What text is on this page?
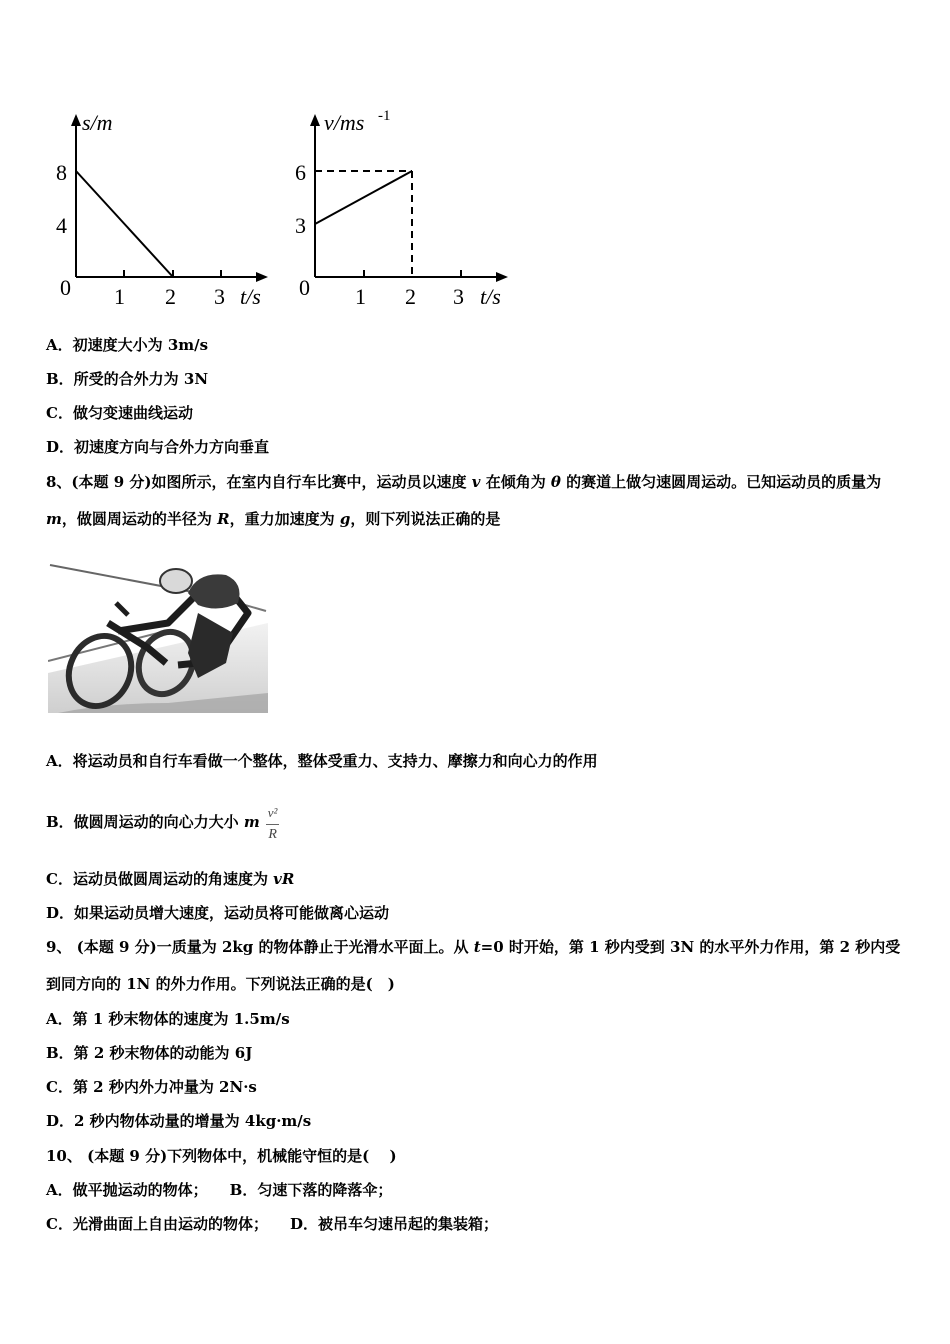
s/m
8
4
0 1 2 3 t/s
v/ms -1
6
3
0 1 2 3 t/s
A．初速度大小为 3m/s
B．所受的合外力为 3N
C．做匀变速曲线运动
D．初速度方向与合外力方向垂直
8、(本题 9 分)如图所示，在室内自行车比赛中，运动员以速度 v 在倾角为 θ 的赛道上做匀速圆周运动。已知运动员的质量为 m，做圆周运动的半径为 R，重力加速度为 g，则下列说法正确的是
A．将运动员和自行车看做一个整体，整体受重力、支持力、摩擦力和向心力的作用
B．做圆周运动的向心力大小 m $\frac{\text{v²}}{R}$
C．运动员做圆周运动的角速度为 vR
D．如果运动员增大速度，运动员将可能做离心运动
9、 (本题 9 分)一质量为 2kg 的物体静止于光滑水平面上。从 t=0 时开始，第 1 秒内受到 3N 的水平外力作用，第 2 秒内受到同方向的 1N 的外力作用。下列说法正确的是(　)
A．第 1 秒末物体的速度为 1.5m/s
B．第 2 秒末物体的动能为 6J
C．第 2 秒内外力冲量为 2N·s
D．2 秒内物体动量的增量为 4kg·m/s
10、 (本题 9 分)下列物体中，机械能守恒的是(　 )
A．做平抛运动的物体； B．匀速下落的降落伞；
C．光滑曲面上自由运动的物体； D．被吊车匀速吊起的集装箱；
